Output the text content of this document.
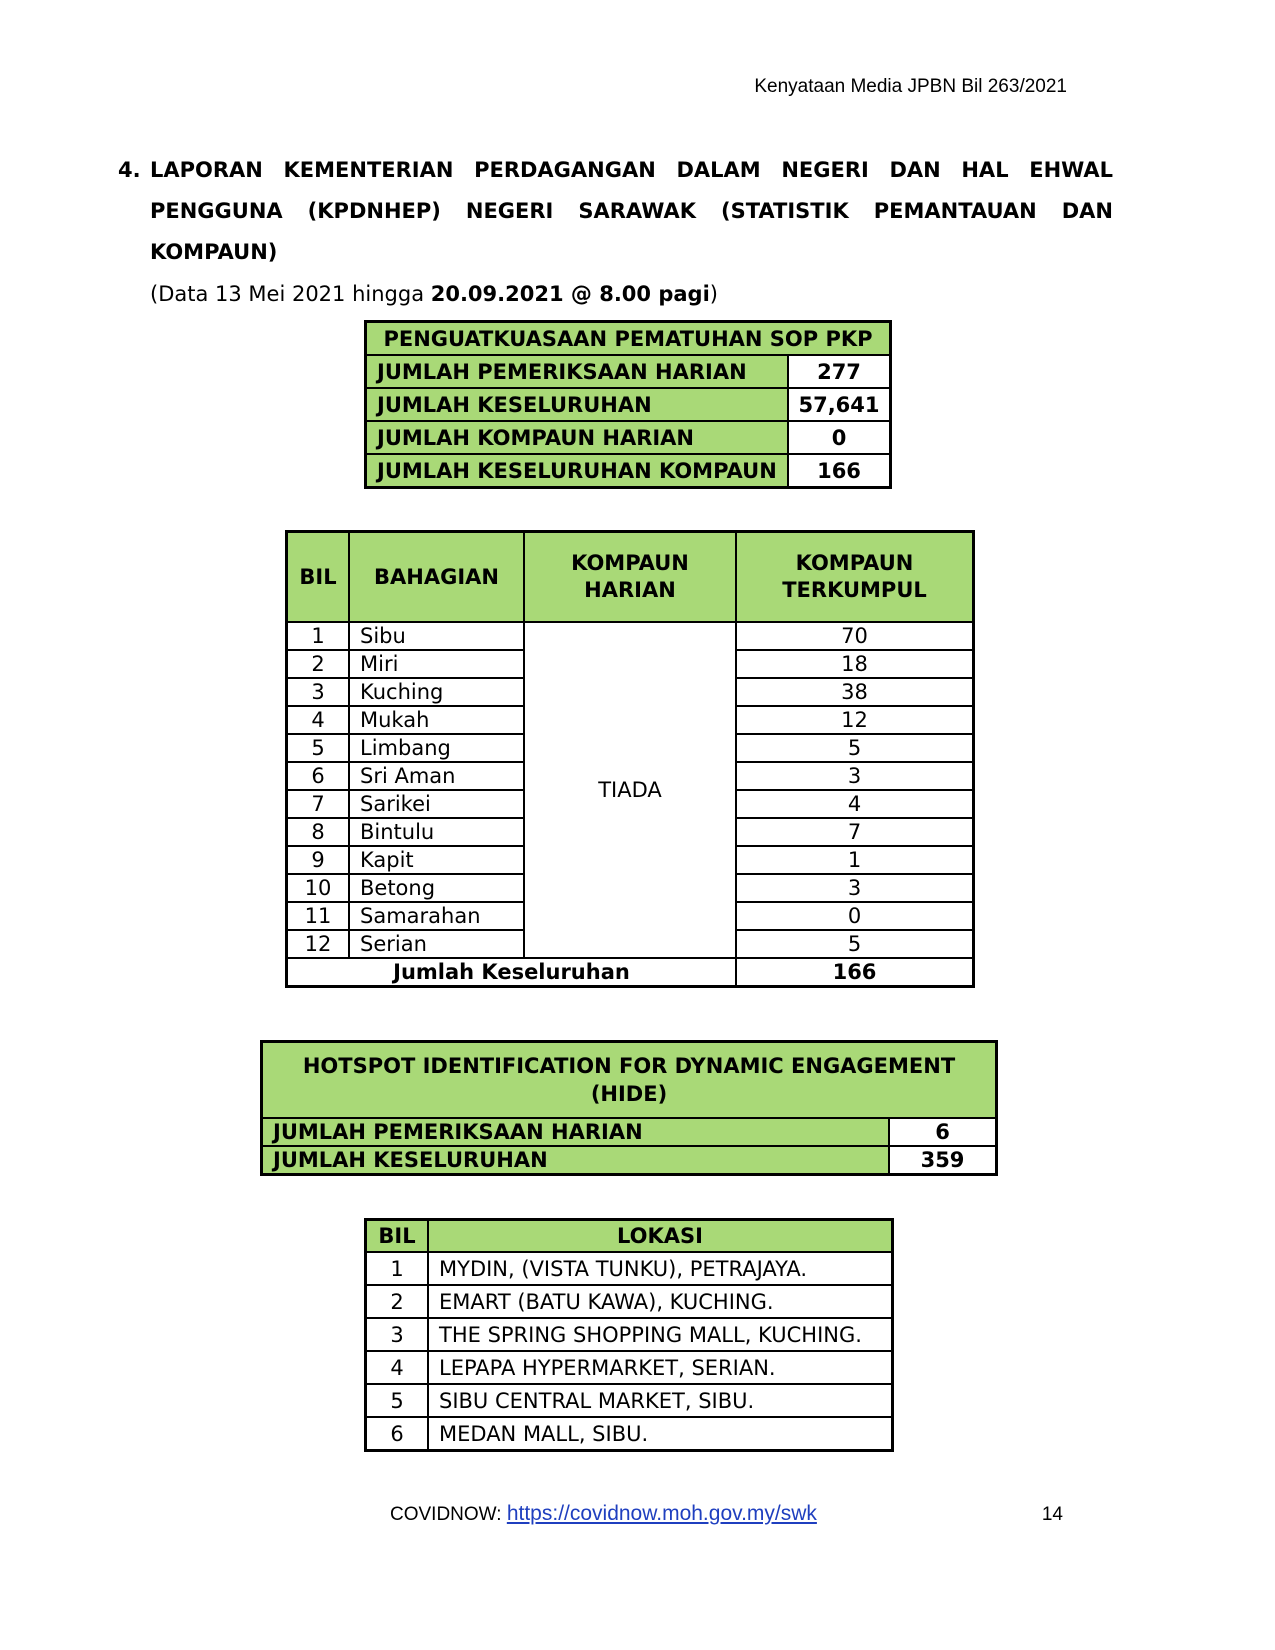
Kenyataan Media JPBN Bil 263/2021
4. LAPORAN KEMENTERIAN PERDAGANGAN DALAM NEGERI DAN HAL EHWAL PENGGUNA (KPDNHEP) NEGERI SARAWAK (STATISTIK PEMANTAUAN DAN KOMPAUN)
(Data 13 Mei 2021 hingga 20.09.2021 @ 8.00 pagi)
PENGUATKUASAAN PEMATUHAN SOP PKP	
JUMLAH PEMERIKSAAN HARIAN	277
JUMLAH KESELURUHAN	57,641
JUMLAH KOMPAUN HARIAN	0
JUMLAH KESELURUHAN KOMPAUN	166
BIL	BAHAGIAN	KOMPAUN HARIAN	KOMPAUN TERKUMPUL
1	Sibu	TIADA	70
2	Miri		18
3	Kuching		38
4	Mukah		12
5	Limbang		5
6	Sri Aman		3
7	Sarikei		4
8	Bintulu		7
9	Kapit		1
10	Betong		3
11	Samarahan		0
12	Serian		5
Jumlah Keseluruhan			166
HOTSPOT IDENTIFICATION FOR DYNAMIC ENGAGEMENT (HIDE)	
JUMLAH PEMERIKSAAN HARIAN	6
JUMLAH KESELURUHAN	359
BIL	LOKASI
1	MYDIN, (VISTA TUNKU), PETRAJAYA.
2	EMART (BATU KAWA), KUCHING.
3	THE SPRING SHOPPING MALL, KUCHING.
4	LEPAPA HYPERMARKET, SERIAN.
5	SIBU CENTRAL MARKET, SIBU.
6	MEDAN MALL, SIBU.
COVIDNOW: https://covidnow.moh.gov.my/swk	14
